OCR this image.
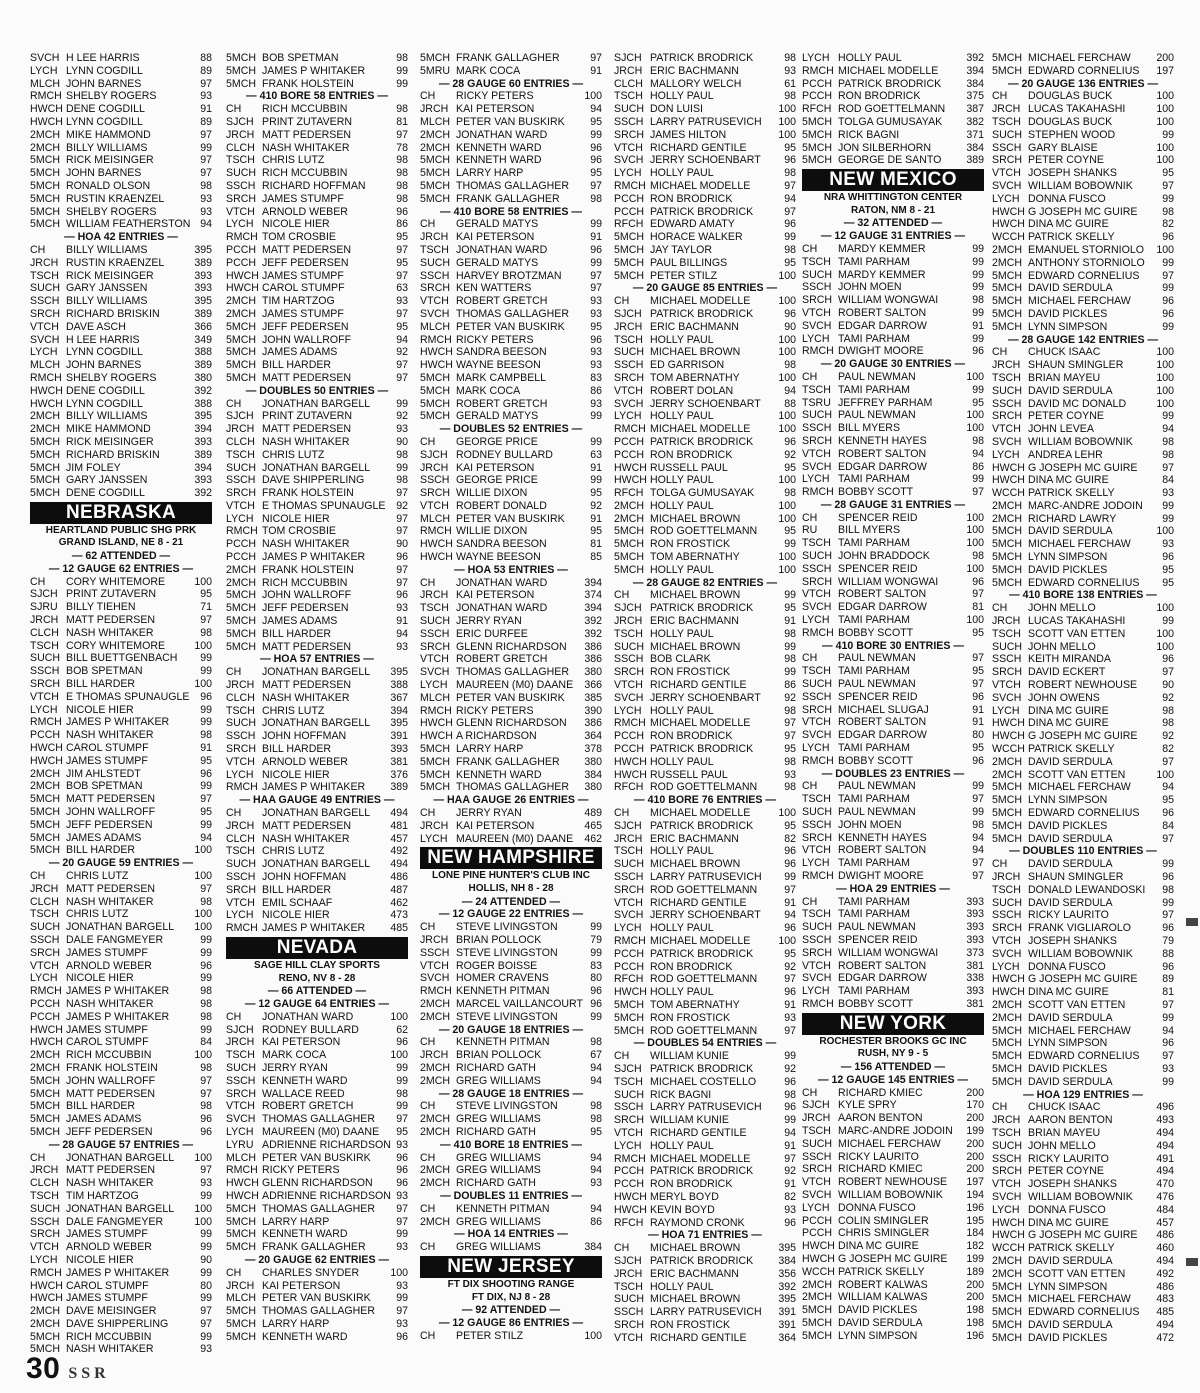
SVCH H LEE HARRIS	88
LYCH LYNN COGDILL	89
MLCH JOHN BARNES	97
RMCH SHELBY ROGERS	93
HWCH DENE COGDILL	91
HWCH LYNN COGDILL	89
2MCH MIKE HAMMOND	97
2MCH BILLY WILLIAMS	99
5MCH RICK MEISINGER	97
5MCH JOHN BARNES	97
5MCH RONALD OLSON	98
5MCH RUSTIN KRAENZEL	93
5MCH SHELBY ROGERS	93
5MCH WILLIAM FEATHERSTON 94
— HOA 42 ENTRIES —
CH	BILLY WILLIAMS	395
JRCH RUSTIN KRAENZEL	389
TSCH RICK MEISINGER	393
SUCH GARY JANSSEN	393
SSCH BILLY WILLIAMS	395
SRCH RICHARD BRISKIN	389
VTCH DAVE ASCH	366
SVCH H LEE HARRIS	349
LYCH LYNN COGDILL	388
MLCH JOHN BARNES	389
RMCH SHELBY ROGERS	380
HWCH DENE COGDILL	392
HWCH LYNN COGDILL	388
2MCH BILLY WILLIAMS	395
2MCH MIKE HAMMOND	394
5MCH RICK MEISINGER	393
5MCH RICHARD BRISKIN	389
5MCH JIM FOLEY	394
5MCH GARY JANSSEN	393
5MCH DENE COGDILL	392
NEBRASKA
HEARTLAND PUBLIC SHG PRK
GRAND ISLAND, NE 8 - 21
— 62 ATTENDED —
— 12 GAUGE 62 ENTRIES —
CH	CORY WHITEMORE	100
SJCH PRINT ZUTAVERN	95
SJRU BILLY TIEHEN	71
JRCH MATT PEDERSEN	97
CLCH NASH WHITAKER	98
TSCH CORY WHITEMORE	100
SUCH BILL BUETTGENBACH	99
SSCH BOB SPETMAN	99
SRCH BILL HARDER	100
VTCH E THOMAS SPUNAUGLE	96
LYCH NICOLE HIER	99
RMCH JAMES P WHITAKER	99
PCCH NASH WHITAKER	98
HWCH CAROL STUMPF	91
HWCH JAMES STUMPF	95
2MCH JIM AHLSTEDT	96
2MCH BOB SPETMAN	99
5MCH MATT PEDERSEN	97
5MCH JOHN WALLROFF	95
5MCH JEFF PEDERSEN	99
5MCH JAMES ADAMS	94
5MCH BILL HARDER	100
— 20 GAUGE 59 ENTRIES —
CH	CHRIS LUTZ	100
JRCH MATT PEDERSEN	97
CLCH NASH WHITAKER	98
TSCH CHRIS LUTZ	100
SUCH JONATHAN BARGELL	100
SSCH DALE FANGMEYER	99
SRCH JAMES STUMPF	99
VTCH ARNOLD WEBER	96
LYCH NICOLE HIER	99
RMCH JAMES P WHITAKER	98
PCCH NASH WHITAKER	98
PCCH JAMES P WHITAKER	98
HWCH JAMES STUMPF	99
HWCH CAROL STUMPF	84
2MCH RICH MCCUBBIN	100
2MCH FRANK HOLSTEIN	98
5MCH JOHN WALLROFF	97
5MCH MATT PEDERSEN	97
5MCH BILL HARDER	98
5MCH JAMES ADAMS	96
5MCH JEFF PEDERSEN	96
— 28 GAUGE 57 ENTRIES —
CH	JONATHAN BARGELL	100
JRCH MATT PEDERSEN	97
CLCH NASH WHITAKER	93
TSCH TIM HARTZOG	99
SUCH JONATHAN BARGELL	100
SSCH DALE FANGMEYER	100
SRCH JAMES STUMPF	99
VTCH ARNOLD WEBER	99
LYCH NICOLE HIER	90
RMCH JAMES P WHITAKER	99
HWCH CAROL STUMPF	80
HWCH JAMES STUMPF	99
2MCH DAVE MEISINGER	97
2MCH DAVE SHIPPERLING	97
5MCH RICH MCCUBBIN	99
5MCH NASH WHITAKER	93
5MCH BOB SPETMAN	98
5MCH JAMES P WHITAKER	99
5MCH FRANK HOLSTEIN	99
— 410 BORE 58 ENTRIES —
CH	RICH MCCUBBIN	98
SJCH PRINT ZUTAVERN	81
JRCH MATT PEDERSEN	97
CLCH NASH WHITAKER	78
TSCH CHRIS LUTZ	98
SUCH RICH MCCUBBIN	98
SSCH RICHARD HOFFMAN	98
SRCH JAMES STUMPF	98
VTCH ARNOLD WEBER	96
LYCH NICOLE HIER	86
RMCH TOM CROSBIE	95
PCCH MATT PEDERSEN	97
PCCH JEFF PEDERSEN	95
HWCH JAMES STUMPF	97
HWCH CAROL STUMPF	63
2MCH TIM HARTZOG	93
2MCH JAMES STUMPF	97
5MCH JEFF PEDERSEN	95
5MCH JOHN WALLROFF	94
5MCH JAMES ADAMS	92
5MCH BILL HARDER	97
5MCH MATT PEDERSEN	97
— DOUBLES 50 ENTRIES —
CH	JONATHAN BARGELL	99
SJCH PRINT ZUTAVERN	92
JRCH MATT PEDERSEN	93
CLCH NASH WHITAKER	90
TSCH CHRIS LUTZ	98
SUCH JONATHAN BARGELL	99
SSCH DAVE SHIPPERLING	98
SRCH FRANK HOLSTEIN	97
VTCH E THOMAS SPUNAUGLE	92
LYCH NICOLE HIER	97
RMCH TOM CROSBIE	97
PCCH NASH WHITAKER	90
PCCH JAMES P WHITAKER	96
2MCH FRANK HOLSTEIN	97
2MCH RICH MCCUBBIN	97
5MCH JOHN WALLROFF	96
5MCH JEFF PEDERSEN	93
5MCH JAMES ADAMS	91
5MCH BILL HARDER	94
5MCH MATT PEDERSEN	93
— HOA 57 ENTRIES —
CH	JONATHAN BARGELL	395
JRCH MATT PEDERSEN	388
CLCH NASH WHITAKER	367
TSCH CHRIS LUTZ	394
SUCH JONATHAN BARGELL	395
SSCH JOHN HOFFMAN	391
SRCH BILL HARDER	393
VTCH ARNOLD WEBER	381
LYCH NICOLE HIER	376
RMCH JAMES P WHITAKER	389
— HAA GAUGE 49 ENTRIES —
CH	JONATHAN BARGELL	494
JRCH MATT PEDERSEN	481
CLCH NASH WHITAKER	457
TSCH CHRIS LUTZ	492
SUCH JONATHAN BARGELL	494
SSCH JOHN HOFFMAN	486
SRCH BILL HARDER	487
VTCH EMIL SCHAAF	462
LYCH NICOLE HIER	473
RMCH JAMES P WHITAKER	485
NEVADA
SAGE HILL CLAY SPORTS
RENO, NV 8 - 28
— 66 ATTENDED —
— 12 GAUGE 64 ENTRIES —
CH	JONATHAN WARD	100
SJCH RODNEY BULLARD	62
JRCH KAI PETERSON	96
TSCH MARK COCA	100
SUCH JERRY RYAN	99
SSCH KENNETH WARD	99
SRCH WALLACE REED	98
VTCH ROBERT GRETCH	99
SVCH THOMAS GALLAGHER	97
LYCH MAUREEN (M0) DAANE	95
LYRU ADRIENNE RICHARDSON 93
MLCH PETER VAN BUSKIRK	96
RMCH RICKY PETERS	96
HWCH GLENN RICHARDSON	96
HWCH ADRIENNE RICHARDSON 93
5MCH THOMAS GALLAGHER	97
5MCH LARRY HARP	97
5MCH KENNETH WARD	99
5MCH FRANK GALLAGHER	93
— 20 GAUGE 62 ENTRIES —
CH	CHARLES SNYDER	100
JRCH KAI PETERSON	93
MLCH PETER VAN BUSKIRK	99
5MCH THOMAS GALLAGHER	97
5MCH LARRY HARP	93
5MCH KENNETH WARD	96
5MCH FRANK GALLAGHER	97
5MRU MARK COCA	91
— 28 GAUGE 60 ENTRIES —
CH	RICKY PETERS	100
JRCH KAI PETERSON	94
MLCH PETER VAN BUSKIRK	95
2MCH JONATHAN WARD	99
2MCH KENNETH WARD	96
5MCH KENNETH WARD	96
5MCH LARRY HARP	95
5MCH THOMAS GALLAGHER	97
5MCH FRANK GALLAGHER	98
— 410 BORE 58 ENTRIES —
CH	GERALD MATYS	99
JRCH KAI PETERSON	91
TSCH JONATHAN WARD	96
SUCH GERALD MATYS	99
SSCH HARVEY BROTZMAN	97
SRCH KEN WATTERS	97
VTCH ROBERT GRETCH	93
SVCH THOMAS GALLAGHER	93
MLCH PETER VAN BUSKIRK	95
RMCH RICKY PETERS	96
HWCH SANDRA BEESON	93
HWCH WAYNE BEESON	93
5MCH MARK CAMPBELL	83
5MCH MARK COCA	86
5MCH ROBERT GRETCH	93
5MCH GERALD MATYS	99
— DOUBLES 52 ENTRIES —
CH	GEORGE PRICE	99
SJCH RODNEY BULLARD	63
JRCH KAI PETERSON	91
SSCH GEORGE PRICE	99
SRCH WILLIE DIXON	95
VTCH ROBERT DONALD	92
MLCH PETER VAN BUSKIRK	91
RMCH WILLIE DIXON	95
HWCH SANDRA BEESON	81
HWCH WAYNE BEESON	85
— HOA 53 ENTRIES —
CH	JONATHAN WARD	394
JRCH KAI PETERSON	374
TSCH JONATHAN WARD	394
SUCH JERRY RYAN	392
SSCH ERIC DURFEE	392
SRCH GLENN RICHARDSON	386
VTCH ROBERT GRETCH	386
SVCH THOMAS GALLAGHER	380
LYCH MAUREEN (M0) DAANE	366
MLCH PETER VAN BUSKIRK	385
RMCH RICKY PETERS	390
HWCH GLENN RICHARDSON	386
HWCH A RICHARDSON	364
5MCH LARRY HARP	378
5MCH FRANK GALLAGHER	380
5MCH KENNETH WARD	384
5MCH THOMAS GALLAGHER	380
— HAA GAUGE 26 ENTRIES —
CH	JERRY RYAN	489
JRCH KAI PETERSON	465
LYCH MAUREEN (M0) DAANE	462
NEW HAMPSHIRE
LONE PINE HUNTER'S CLUB INC
HOLLIS, NH 8 - 28
— 24 ATTENDED —
— 12 GAUGE 22 ENTRIES —
CH	STEVE LIVINGSTON	99
JRCH BRIAN POLLOCK	79
SSCH STEVE LIVINGSTON	99
VTCH ROGER BOISSE	83
SVCH HOMER CRAVENS	80
RMCH KENNETH PITMAN	96
2MCH MARCEL VAILLANCOURT 96
2MCH STEVE LIVINGSTON	99
— 20 GAUGE 18 ENTRIES —
CH	KENNETH PITMAN	98
JRCH BRIAN POLLOCK	67
2MCH RICHARD GATH	94
2MCH GREG WILLIAMS	94
— 28 GAUGE 18 ENTRIES —
CH	STEVE LIVINGSTON	98
2MCH GREG WILLIAMS	98
2MCH RICHARD GATH	95
— 410 BORE 18 ENTRIES —
CH	GREG WILLIAMS	94
2MCH GREG WILLIAMS	94
2MCH RICHARD GATH	93
— DOUBLES 11 ENTRIES —
CH	KENNETH PITMAN	94
2MCH GREG WILLIAMS	86
— HOA 14 ENTRIES —
CH	GREG WILLIAMS	384
NEW JERSEY
FT DIX SHOOTING RANGE
FT DIX, NJ 8 - 28
— 92 ATTENDED —
— 12 GAUGE 86 ENTRIES —
CH	PETER STILZ	100
SJCH PATRICK BRODRICK	98
JRCH ERIC BACHMANN	93
CLCH MALLORY WELCH	61
TSCH HOLLY PAUL	98
SUCH DON LUISI	100
SSCH LARRY PATRUSEVICH	100
SRCH JAMES HILTON	100
VTCH RICHARD GENTILE	95
SVCH JERRY SCHOENBART	96
LYCH HOLLY PAUL	98
RMCH MICHAEL MODELLE	97
PCCH RON BRODRICK	94
PCCH PATRICK BRODRICK	97
RFCH EDWARD AMATY	96
5MCH HORACE WALKER	99
5MCH JAY TAYLOR	98
5MCH PAUL BILLINGS	95
5MCH PETER STILZ	100
— 20 GAUGE 85 ENTRIES —
CH	MICHAEL MODELLE	100
SJCH PATRICK BRODRICK	96
JRCH ERIC BACHMANN	90
TSCH HOLLY PAUL	100
SUCH MICHAEL BROWN	100
SSCH ED GARRISON	98
SRCH TOM ABERNATHY	100
VTCH ROBERT DOLAN	94
SVCH JERRY SCHOENBART	88
LYCH HOLLY PAUL	100
RMCH MICHAEL MODELLE	100
PCCH PATRICK BRODRICK	96
PCCH RON BRODRICK	92
HWCH RUSSELL PAUL	95
HWCH HOLLY PAUL	100
RFCH TOLGA GUMUSAYAK	98
2MCH HOLLY PAUL	100
2MCH MICHAEL BROWN	100
5MCH ROD GOETTELMANN	95
5MCH RON FROSTICK	99
5MCH TOM ABERNATHY	100
5MCH HOLLY PAUL	100
— 28 GAUGE 82 ENTRIES —
CH	MICHAEL BROWN	99
SJCH PATRICK BRODRICK	95
JRCH ERIC BACHMANN	91
TSCH HOLLY PAUL	98
SUCH MICHAEL BROWN	99
SSCH BOB CLARK	98
SRCH RON FROSTICK	99
VTCH RICHARD GENTILE	86
SVCH JERRY SCHOENBART	92
LYCH HOLLY PAUL	98
RMCH MICHAEL MODELLE	97
PCCH RON BRODRICK	97
PCCH PATRICK BRODRICK	95
HWCH HOLLY PAUL	98
HWCH RUSSELL PAUL	93
RFCH ROD GOETTELMANN	98
— 410 BORE 76 ENTRIES —
CH	MICHAEL MODELLE	100
SJCH PATRICK BRODRICK	95
JRCH ERIC BACHMANN	82
TSCH HOLLY PAUL	96
SUCH MICHAEL BROWN	96
SSCH LARRY PATRUSEVICH	99
SRCH ROD GOETTELMANN	97
VTCH RICHARD GENTILE	91
SVCH JERRY SCHOENBART	94
LYCH HOLLY PAUL	96
RMCH MICHAEL MODELLE	100
PCCH PATRICK BRODRICK	95
PCCH RON BRODRICK	92
RFCH ROD GOETTELMANN	97
HWCH HOLLY PAUL	96
5MCH TOM ABERNATHY	91
5MCH RON FROSTICK	93
5MCH ROD GOETTELMANN	97
— DOUBLES 54 ENTRIES —
CH	WILLIAM KUNIE	99
SJCH PATRICK BRODRICK	92
TSCH MICHAEL COSTELLO	96
SUCH RICK BAGNI	98
SSCH LARRY PATRUSEVICH	96
SRCH WILLIAM KUNIE	99
VTCH RICHARD GENTILE	94
LYCH HOLLY PAUL	91
RMCH MICHAEL MODELLE	97
PCCH PATRICK BRODRICK	92
PCCH RON BRODRICK	91
HWCH MERYL BOYD	82
HWCH KEVIN BOYD	93
RFCH RAYMOND CRONK	96
— HOA 71 ENTRIES —
CH	MICHAEL BROWN	395
SJCH PATRICK BRODRICK	384
JRCH ERIC BACHMANN	356
TSCH HOLLY PAUL	392
SUCH MICHAEL BROWN	395
SSCH LARRY PATRUSEVICH	391
SRCH RON FROSTICK	391
VTCH RICHARD GENTILE	364
LYCH HOLLY PAUL	392
RMCH MICHAEL MODELLE	394
PCCH PATRICK BRODRICK	384
PCCH RON BRODRICK	375
RFCH ROD GOETTELMANN	387
5MCH TOLGA GUMUSAYAK	382
5MCH RICK BAGNI	371
5MCH JON SILBERHORN	384
5MCH GEORGE DE SANTO	389
NEW MEXICO
NRA WHITTINGTON CENTER
RATON, NM 8 - 21
— 32 ATTENDED —
— 12 GAUGE 31 ENTRIES —
CH	MARDY KEMMER	99
TSCH TAMI PARHAM	99
SUCH MARDY KEMMER	99
SSCH JOHN MOEN	99
SRCH WILLIAM WONGWAI	98
VTCH ROBERT SALTON	99
SVCH EDGAR DARROW	91
LYCH TAMI PARHAM	99
RMCH DWIGHT MOORE	96
— 20 GAUGE 30 ENTRIES —
CH	PAUL NEWMAN	100
TSCH TAMI PARHAM	99
TSRU JEFFREY PARHAM	95
SUCH PAUL NEWMAN	100
SSCH BILL MYERS	100
SRCH KENNETH HAYES	98
VTCH ROBERT SALTON	94
SVCH EDGAR DARROW	86
LYCH TAMI PARHAM	99
RMCH BOBBY SCOTT	97
— 28 GAUGE 31 ENTRIES —
CH	SPENCER REID	100
RU	BILL MYERS	100
TSCH TAMI PARHAM	100
SUCH JOHN BRADDOCK	98
SSCH SPENCER REID	100
SRCH WILLIAM WONGWAI	96
VTCH ROBERT SALTON	97
SVCH EDGAR DARROW	81
LYCH TAMI PARHAM	100
RMCH BOBBY SCOTT	95
— 410 BORE 30 ENTRIES —
CH	PAUL NEWMAN	97
TSCH TAMI PARHAM	95
SUCH PAUL NEWMAN	97
SSCH SPENCER REID	96
SRCH MICHAEL SLUGAJ	91
VTCH ROBERT SALTON	91
SVCH EDGAR DARROW	80
LYCH TAMI PARHAM	95
RMCH BOBBY SCOTT	96
— DOUBLES 23 ENTRIES —
CH	PAUL NEWMAN	99
TSCH TAMI PARHAM	97
SUCH PAUL NEWMAN	99
SSCH JOHN MOEN	98
SRCH KENNETH HAYES	94
VTCH ROBERT SALTON	94
LYCH TAMI PARHAM	97
RMCH DWIGHT MOORE	97
— HOA 29 ENTRIES —
CH	TAMI PARHAM	393
TSCH TAMI PARHAM	393
SUCH PAUL NEWMAN	393
SSCH SPENCER REID	393
SRCH WILLIAM WONGWAI	373
VTCH ROBERT SALTON	381
SVCH EDGAR DARROW	338
LYCH TAMI PARHAM	393
RMCH BOBBY SCOTT	381
NEW YORK
ROCHESTER BROOKS GC INC
RUSH, NY 9 - 5
— 156 ATTENDED —
— 12 GAUGE 145 ENTRIES —
CH	RICHARD KMIEC	200
SJCH KYLE SPRY	170
JRCH AARON BENTON	200
TSCH MARC-ANDRE JODOIN	199
SUCH MICHAEL FERCHAW	200
SSCH RICKY LAURITO	200
SRCH RICHARD KMIEC	200
VTCH ROBERT NEWHOUSE	197
SVCH WILLIAM BOBOWNIK	194
LYCH DONNA FUSCO	196
PCCH COLIN SMINGLER	195
PCCH CHRIS SMINGLER	184
HWCH DINA MC GUIRE	182
HWCH G JOSEPH MC GUIRE	199
WCCH PATRICK SKELLY	189
2MCH ROBERT KALWAS	200
2MCH WILLIAM KALWAS	200
5MCH DAVID PICKLES	198
5MCH DAVID SERDULA	198
5MCH LYNN SIMPSON	196
5MCH MICHAEL FERCHAW	200
5MCH EDWARD CORNELIUS	197
— 20 GAUGE 136 ENTRIES —
CH	DOUGLAS BUCK	100
JRCH LUCAS TAKAHASHI	100
TSCH DOUGLAS BUCK	100
SUCH STEPHEN WOOD	99
SSCH GARY BLAISE	100
SRCH PETER COYNE	100
VTCH JOSEPH SHANKS	95
SVCH WILLIAM BOBOWNIK	97
LYCH DONNA FUSCO	99
HWCH G JOSEPH MC GUIRE	98
HWCH DINA MC GUIRE	82
WCCH PATRICK SKELLY	96
2MCH EMANUEL STORNIOLO	100
2MCH ANTHONY STORNIOLO	99
5MCH EDWARD CORNELIUS	97
5MCH DAVID SERDULA	99
5MCH MICHAEL FERCHAW	96
5MCH DAVID PICKLES	96
5MCH LYNN SIMPSON	99
— 28 GAUGE 142 ENTRIES —
CH	CHUCK ISAAC	100
JRCH SHAUN SMINGLER	100
TSCH BRIAN MAYEU	100
SUCH DAVID SERDULA	100
SSCH DAVID MC DONALD	100
SRCH PETER COYNE	99
VTCH JOHN LEVEA	94
SVCH WILLIAM BOBOWNIK	98
LYCH ANDREA LEHR	98
HWCH G JOSEPH MC GUIRE	97
HWCH DINA MC GUIRE	84
WCCH PATRICK SKELLY	93
2MCH MARC-ANDRE JODOIN	99
2MCH RICHARD LAWRY	99
5MCH DAVID SERDULA	100
5MCH MICHAEL FERCHAW	93
5MCH LYNN SIMPSON	96
5MCH DAVID PICKLES	95
5MCH EDWARD CORNELIUS	95
— 410 BORE 138 ENTRIES —
CH	JOHN MELLO	100
JRCH LUCAS TAKAHASHI	99
TSCH SCOTT VAN ETTEN	100
SUCH JOHN MELLO	100
SSCH KEITH MIRANDA	96
SRCH DAVID ECKERT	97
VTCH ROBERT NEWHOUSE	90
SVCH JOHN OWENS	92
LYCH DINA MC GUIRE	98
HWCH DINA MC GUIRE	98
HWCH G JOSEPH MC GUIRE	92
WCCH PATRICK SKELLY	82
2MCH DAVID SERDULA	97
2MCH SCOTT VAN ETTEN	100
5MCH MICHAEL FERCHAW	94
5MCH LYNN SIMPSON	95
5MCH EDWARD CORNELIUS	96
5MCH DAVID PICKLES	84
5MCH DAVID SERDULA	97
— DOUBLES 110 ENTRIES —
CH	DAVID SERDULA	99
JRCH SHAUN SMINGLER	96
TSCH DONALD LEWANDOSKI	98
SUCH DAVID SERDULA	99
SSCH RICKY LAURITO	97
SRCH FRANK VIGLIAROLO	96
VTCH JOSEPH SHANKS	79
SVCH WILLIAM BOBOWNIK	88
LYCH DONNA FUSCO	96
HWCH G JOSEPH MC GUIRE	89
HWCH DINA MC GUIRE	81
2MCH SCOTT VAN ETTEN	97
2MCH DAVID SERDULA	99
5MCH MICHAEL FERCHAW	94
5MCH LYNN SIMPSON	96
5MCH EDWARD CORNELIUS	97
5MCH DAVID PICKLES	93
5MCH DAVID SERDULA	99
— HOA 129 ENTRIES —
CH	CHUCK ISAAC	496
JRCH AARON BENTON	493
TSCH BRIAN MAYEU	494
SUCH JOHN MELLO	494
SSCH RICKY LAURITO	491
SRCH PETER COYNE	494
VTCH JOSEPH SHANKS	470
SVCH WILLIAM BOBOWNIK	476
LYCH DONNA FUSCO	484
HWCH DINA MC GUIRE	457
HWCH G JOSEPH MC GUIRE	486
WCCH PATRICK SKELLY	460
2MCH DAVID SERDULA	494
2MCH SCOTT VAN ETTEN	492
5MCH LYNN SIMPSON	486
5MCH MICHAEL FERCHAW	483
5MCH EDWARD CORNELIUS	485
5MCH DAVID SERDULA	494
5MCH DAVID PICKLES	472
30 SSR
